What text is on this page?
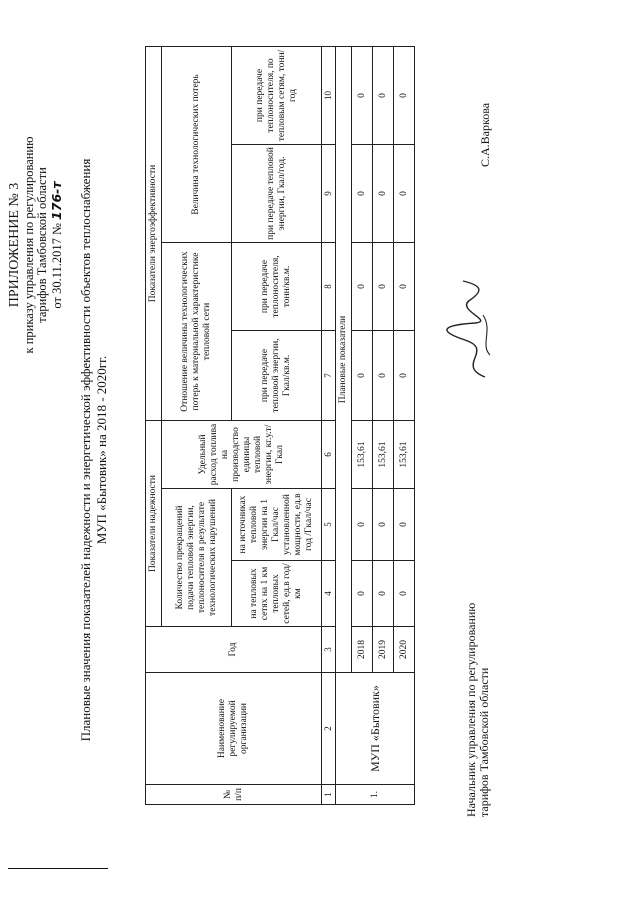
ПРИЛОЖЕНИЕ № 3 к приказу управления по регулированию тарифов Тамбовской области от 30.11.2017 № 176-т Плановые значения показателей надежности и энергетической эффективности объектов теплоснабжения МУП «Бытовик» на 2018 - 2020гг.
№ п/п	Наименование регулируемой организации	Год	Показатели надежности			Показатели энергоэффективности			
			Количество прекращений подачи тепловой энергии, теплоносителя в результате технологических нарушений		Удельный расход топлива на производство единицы тепловой энергии, кг.у.т/Гкал	Отношение величины технологических потерь к материальной характеристике тепловой сети		Величина технологических потерь	
			на тепловых сетях на 1 км тепловых сетей, ед.в год/км	на источниках тепловой энергии на 1 Гкал/час установленной мощности, ед.в год /Гкал/час		при передаче тепловой энергии, Гкал/кв.м.	при передаче теплоносителя, тонн/кв.м.	при передаче тепловой энергии, Гкал/год.	при передаче теплоносителя, по тепловым сетям, тонн/год
1	2	3	4	5	6	7	8	9	10
1.	МУП «Бытовик»	Плановые показатели							
		2018	0	0	153,61	0	0	0	0
		2019	0	0	153,61	0	0	0	0
		2020	0	0	153,61	0	0	0	0
Начальник управления по регулированию тарифов Тамбовской области
С.А.Варкова
